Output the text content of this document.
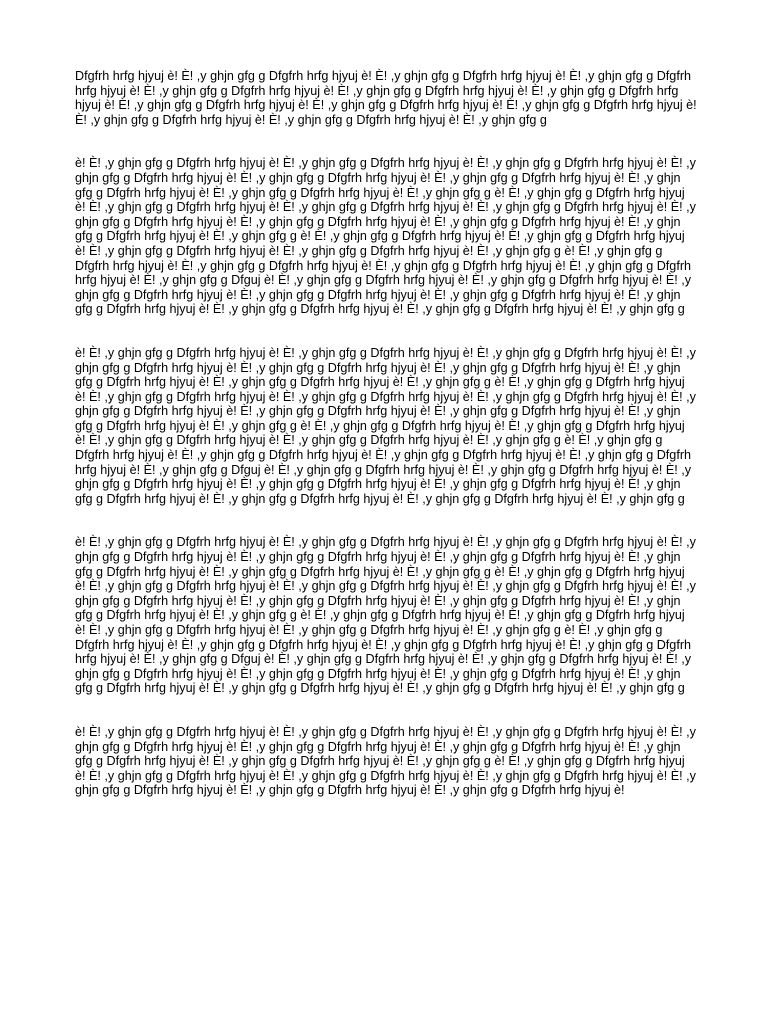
Dfgfrh hrfg hjyuj è! È! ,y ghjn gfg g Dfgfrh hrfg hjyuj è! È! ,y ghjn gfg g Dfgfrh hrfg hjyuj è! È! ,y ghjn gfg g Dfgfrh hrfg hjyuj è! È! ,y ghjn gfg g Dfgfrh hrfg hjyuj è! È! ,y ghjn gfg g Dfgfrh hrfg hjyuj è! È! ,y ghjn gfg g Dfgfrh hrfg hjyuj è! È! ,y ghjn gfg g Dfgfrh hrfg hjyuj è! È! ,y ghjn gfg g Dfgfrh hrfg hjyuj è! È! ,y ghjn gfg g Dfgfrh hrfg hjyuj è! È! ,y ghjn gfg g Dfgfrh hrfg hjyuj è! È! ,y ghjn gfg g Dfgfrh hrfg hjyuj è! È! ,y ghjn gfg g

è! È! ,y ghjn gfg g Dfgfrh hrfg hjyuj è! È! ,y ghjn gfg g Dfgfrh hrfg hjyuj è! È! ,y ghjn gfg g Dfgfrh hrfg hjyuj è! È! ,y ghjn gfg g Dfgfrh hrfg hjyuj è! È! ,y ghjn gfg g Dfgfrh hrfg hjyuj è! È! ,y ghjn gfg g Dfgfrh hrfg hjyuj è! È! ,y ghjn gfg g Dfgfrh hrfg hjyuj è! È! ,y ghjn gfg g Dfgfrh hrfg hjyuj è! È! ,y ghjn gfg g è! È! ,y ghjn gfg g Dfgfrh hrfg hjyuj è! È! ,y ghjn gfg g Dfgfrh hrfg hjyuj è! È! ,y ghjn gfg g Dfgfrh hrfg hjyuj è! È! ,y ghjn gfg g Dfgfrh hrfg hjyuj è! È! ,y ghjn gfg g Dfgfrh hrfg hjyuj è! È! ,y ghjn gfg g Dfgfrh hrfg hjyuj è! È! ,y ghjn gfg g Dfgfrh hrfg hjyuj è! È! ,y ghjn gfg g Dfgfrh hrfg hjyuj è! È! ,y ghjn gfg g è! È! ,y ghjn gfg g Dfgfrh hrfg hjyuj è! È! ,y ghjn gfg g Dfgfrh hrfg hjyuj è! È! ,y ghjn gfg g Dfgfrh hrfg hjyuj è! È! ,y ghjn gfg g Dfgfrh hrfg hjyuj è! È! ,y ghjn gfg g è! È! ,y ghjn gfg g Dfgfrh hrfg hjyuj è! È! ,y ghjn gfg g Dfgfrh hrfg hjyuj è! È! ,y ghjn gfg g Dfgfrh hrfg hjyuj è! È! ,y ghjn gfg g Dfgfrh hrfg hjyuj è! È! ,y ghjn gfg g Dfguj è! È! ,y ghjn gfg g Dfgfrh hrfg hjyuj è! È! ,y ghjn gfg g Dfgfrh hrfg hjyuj è! È! ,y ghjn gfg g Dfgfrh hrfg hjyuj è! È! ,y ghjn gfg g Dfgfrh hrfg hjyuj è! È! ,y ghjn gfg g Dfgfrh hrfg hjyuj è! È! ,y ghjn gfg g Dfgfrh hrfg hjyuj è! È! ,y ghjn gfg g Dfgfrh hrfg hjyuj è! È! ,y ghjn gfg g Dfgfrh hrfg hjyuj è! È! ,y ghjn gfg g

è! È! ,y ghjn gfg g Dfgfrh hrfg hjyuj è! È! ,y ghjn gfg g Dfgfrh hrfg hjyuj è! È! ,y ghjn gfg g Dfgfrh hrfg hjyuj è! È! ,y ghjn gfg g Dfgfrh hrfg hjyuj è! È! ,y ghjn gfg g Dfgfrh hrfg hjyuj è! È! ,y ghjn gfg g Dfgfrh hrfg hjyuj è! È! ,y ghjn gfg g Dfgfrh hrfg hjyuj è! È! ,y ghjn gfg g Dfgfrh hrfg hjyuj è! È! ,y ghjn gfg g è! È! ,y ghjn gfg g Dfgfrh hrfg hjyuj è! È! ,y ghjn gfg g Dfgfrh hrfg hjyuj è! È! ,y ghjn gfg g Dfgfrh hrfg hjyuj è! È! ,y ghjn gfg g Dfgfrh hrfg hjyuj è! È! ,y ghjn gfg g Dfgfrh hrfg hjyuj è! È! ,y ghjn gfg g Dfgfrh hrfg hjyuj è! È! ,y ghjn gfg g Dfgfrh hrfg hjyuj è! È! ,y ghjn gfg g Dfgfrh hrfg hjyuj è! È! ,y ghjn gfg g è! È! ,y ghjn gfg g Dfgfrh hrfg hjyuj è! È! ,y ghjn gfg g Dfgfrh hrfg hjyuj è! È! ,y ghjn gfg g Dfgfrh hrfg hjyuj è! È! ,y ghjn gfg g Dfgfrh hrfg hjyuj è! È! ,y ghjn gfg g è! È! ,y ghjn gfg g Dfgfrh hrfg hjyuj è! È! ,y ghjn gfg g Dfgfrh hrfg hjyuj è! È! ,y ghjn gfg g Dfgfrh hrfg hjyuj è! È! ,y ghjn gfg g Dfgfrh hrfg hjyuj è! È! ,y ghjn gfg g Dfguj è! È! ,y ghjn gfg g Dfgfrh hrfg hjyuj è! È! ,y ghjn gfg g Dfgfrh hrfg hjyuj è! È! ,y ghjn gfg g Dfgfrh hrfg hjyuj è! È! ,y ghjn gfg g Dfgfrh hrfg hjyuj è! È! ,y ghjn gfg g Dfgfrh hrfg hjyuj è! È! ,y ghjn gfg g Dfgfrh hrfg hjyuj è! È! ,y ghjn gfg g Dfgfrh hrfg hjyuj è! È! ,y ghjn gfg g Dfgfrh hrfg hjyuj è! È! ,y ghjn gfg g

è! È! ,y ghjn gfg g Dfgfrh hrfg hjyuj è! È! ,y ghjn gfg g Dfgfrh hrfg hjyuj è! È! ,y ghjn gfg g Dfgfrh hrfg hjyuj è! È! ,y ghjn gfg g Dfgfrh hrfg hjyuj è! È! ,y ghjn gfg g Dfgfrh hrfg hjyuj è! È! ,y ghjn gfg g Dfgfrh hrfg hjyuj è! È! ,y ghjn gfg g Dfgfrh hrfg hjyuj è! È! ,y ghjn gfg g Dfgfrh hrfg hjyuj è! È! ,y ghjn gfg g è! È! ,y ghjn gfg g Dfgfrh hrfg hjyuj è! È! ,y ghjn gfg g Dfgfrh hrfg hjyuj è! È! ,y ghjn gfg g Dfgfrh hrfg hjyuj è! È! ,y ghjn gfg g Dfgfrh hrfg hjyuj è! È! ,y ghjn gfg g Dfgfrh hrfg hjyuj è! È! ,y ghjn gfg g Dfgfrh hrfg hjyuj è! È! ,y ghjn gfg g Dfgfrh hrfg hjyuj è! È! ,y ghjn gfg g Dfgfrh hrfg hjyuj è! È! ,y ghjn gfg g è! È! ,y ghjn gfg g Dfgfrh hrfg hjyuj è! È! ,y ghjn gfg g Dfgfrh hrfg hjyuj è! È! ,y ghjn gfg g Dfgfrh hrfg hjyuj è! È! ,y ghjn gfg g Dfgfrh hrfg hjyuj è! È! ,y ghjn gfg g è! È! ,y ghjn gfg g Dfgfrh hrfg hjyuj è! È! ,y ghjn gfg g Dfgfrh hrfg hjyuj è! È! ,y ghjn gfg g Dfgfrh hrfg hjyuj è! È! ,y ghjn gfg g Dfgfrh hrfg hjyuj è! È! ,y ghjn gfg g Dfguj è! È! ,y ghjn gfg g Dfgfrh hrfg hjyuj è! È! ,y ghjn gfg g Dfgfrh hrfg hjyuj è! È! ,y ghjn gfg g Dfgfrh hrfg hjyuj è! È! ,y ghjn gfg g Dfgfrh hrfg hjyuj è! È! ,y ghjn gfg g Dfgfrh hrfg hjyuj è! È! ,y ghjn gfg g Dfgfrh hrfg hjyuj è! È! ,y ghjn gfg g Dfgfrh hrfg hjyuj è! È! ,y ghjn gfg g Dfgfrh hrfg hjyuj è! È! ,y ghjn gfg g

è! È! ,y ghjn gfg g Dfgfrh hrfg hjyuj è! È! ,y ghjn gfg g Dfgfrh hrfg hjyuj è! È! ,y ghjn gfg g Dfgfrh hrfg hjyuj è! È! ,y ghjn gfg g Dfgfrh hrfg hjyuj è! È! ,y ghjn gfg g Dfgfrh hrfg hjyuj è! È! ,y ghjn gfg g Dfgfrh hrfg hjyuj è! È! ,y ghjn gfg g Dfgfrh hrfg hjyuj è! È! ,y ghjn gfg g Dfgfrh hrfg hjyuj è! È! ,y ghjn gfg g è! È! ,y ghjn gfg g Dfgfrh hrfg hjyuj è! È! ,y ghjn gfg g Dfgfrh hrfg hjyuj è! È! ,y ghjn gfg g Dfgfrh hrfg hjyuj è! È! ,y ghjn gfg g Dfgfrh hrfg hjyuj è! È! ,y ghjn gfg g Dfgfrh hrfg hjyuj è! È! ,y ghjn gfg g Dfgfrh hrfg hjyuj è! È! ,y ghjn gfg g Dfgfrh hrfg hjyuj è!
